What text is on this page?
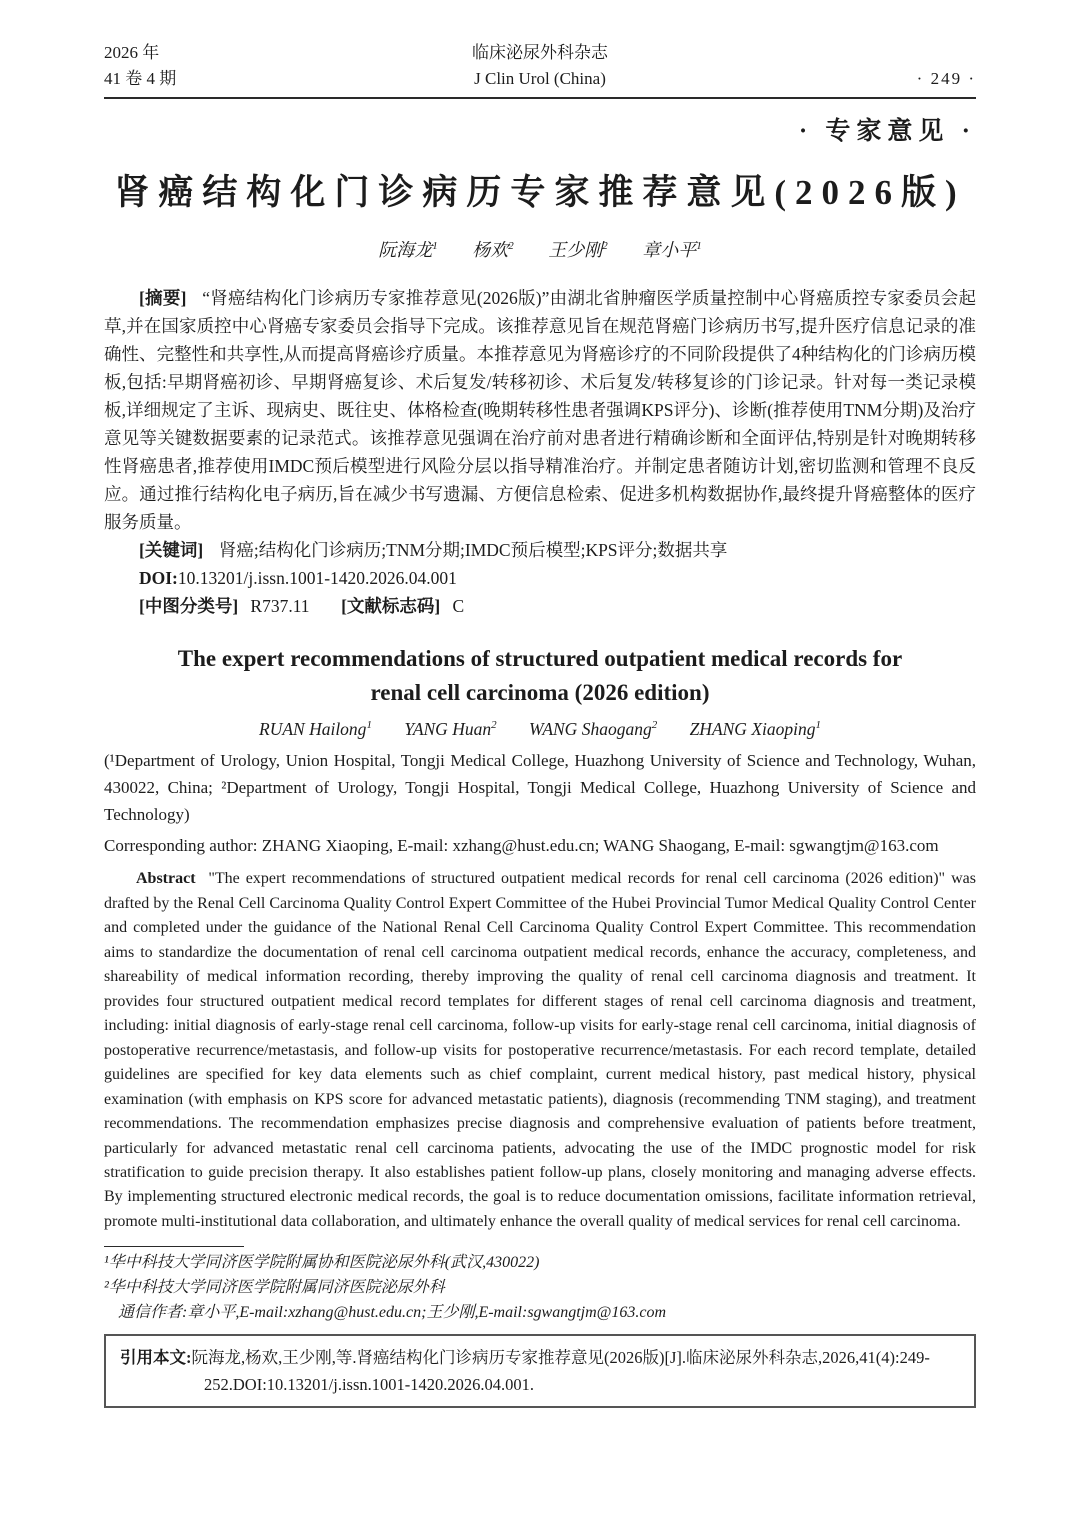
2026 年
41 卷 4 期
临床泌尿外科杂志
J Clin Urol (China)	· 249 ·
· 专家意见 ·
肾癌结构化门诊病历专家推荐意见(2026版)
阮海龙$^1$ 杨欢$^2$ 王少刚$^2$ 章小平$^1$

[摘要] “肾癌结构化门诊病历专家推荐意见(2026版)”由湖北省肿瘤医学质量控制中心肾癌质控专家委员会起草,并在国家质控中心肾癌专家委员会指导下完成。该推荐意见旨在规范肾癌门诊病历书写,提升医疗信息记录的准确性、完整性和共享性,从而提高肾癌诊疗质量。本推荐意见为肾癌诊疗的不同阶段提供了4种结构化的门诊病历模板,包括:早期肾癌初诊、早期肾癌复诊、术后复发/转移初诊、术后复发/转移复诊的门诊记录。针对每一类记录模板,详细规定了主诉、现病史、既往史、体格检查(晚期转移性患者强调KPS评分)、诊断(推荐使用TNM分期)及治疗意见等关键数据要素的记录范式。该推荐意见强调在治疗前对患者进行精确诊断和全面评估,特别是针对晚期转移性肾癌患者,推荐使用IMDC预后模型进行风险分层以指导精准治疗。并制定患者随访计划,密切监测和管理不良反应。通过推行结构化电子病历,旨在减少书写遗漏、方便信息检索、促进多机构数据协作,最终提升肾癌整体的医疗服务质量。

[关键词] 肾癌;结构化门诊病历;TNM分期;IMDC预后模型;KPS评分;数据共享

DOI:10.13201/j.issn.1001-1420.2026.04.001

[中图分类号] R737.11 [文献标志码] C

The expert recommendations of structured outpatient medical records for
renal cell carcinoma (2026 edition)
RUAN Hailong$^1$ YANG Huan$^2$ WANG Shaogang$^2$ ZHANG Xiaoping$^1$

(¹Department of Urology, Union Hospital, Tongji Medical College, Huazhong University of Science and Technology, Wuhan, 430022, China; ²Department of Urology, Tongji Hospital, Tongji Medical College, Huazhong University of Science and Technology)

Corresponding author: ZHANG Xiaoping, E-mail: xzhang@hust.edu.cn; WANG Shaogang, E-mail: sgwangtjm@163.com

Abstract "The expert recommendations of structured outpatient medical records for renal cell carcinoma (2026 edition)" was drafted by the Renal Cell Carcinoma Quality Control Expert Committee of the Hubei Provincial Tumor Medical Quality Control Center and completed under the guidance of the National Renal Cell Carcinoma Quality Control Expert Committee. This recommendation aims to standardize the documentation of renal cell carcinoma outpatient medical records, enhance the accuracy, completeness, and shareability of medical information recording, thereby improving the quality of renal cell carcinoma diagnosis and treatment. It provides four structured outpatient medical record templates for different stages of renal cell carcinoma diagnosis and treatment, including: initial diagnosis of early-stage renal cell carcinoma, follow-up visits for early-stage renal cell carcinoma, initial diagnosis of postoperative recurrence/metastasis, and follow-up visits for postoperative recurrence/metastasis. For each record template, detailed guidelines are specified for key data elements such as chief complaint, current medical history, past medical history, physical examination (with emphasis on KPS score for advanced metastatic patients), diagnosis (recommending TNM staging), and treatment recommendations. The recommendation emphasizes precise diagnosis and comprehensive evaluation of patients before treatment, particularly for advanced metastatic renal cell carcinoma patients, advocating the use of the IMDC prognostic model for risk stratification to guide precision therapy. It also establishes patient follow-up plans, closely monitoring and managing adverse effects. By implementing structured electronic medical records, the goal is to reduce documentation omissions, facilitate information retrieval, promote multi-institutional data collaboration, and ultimately enhance the overall quality of medical services for renal cell carcinoma.

¹华中科技大学同济医学院附属协和医院泌尿外科(武汉,430022)
²华中科技大学同济医学院附属同济医院泌尿外科
通信作者:章小平,E-mail:xzhang@hust.edu.cn;王少刚,E-mail:sgwangtjm@163.com

引用本文:阮海龙,杨欢,王少刚,等.肾癌结构化门诊病历专家推荐意见(2026版)[J].临床泌尿外科杂志,2026,41(4):249-252.DOI:10.13201/j.issn.1001-1420.2026.04.001.
